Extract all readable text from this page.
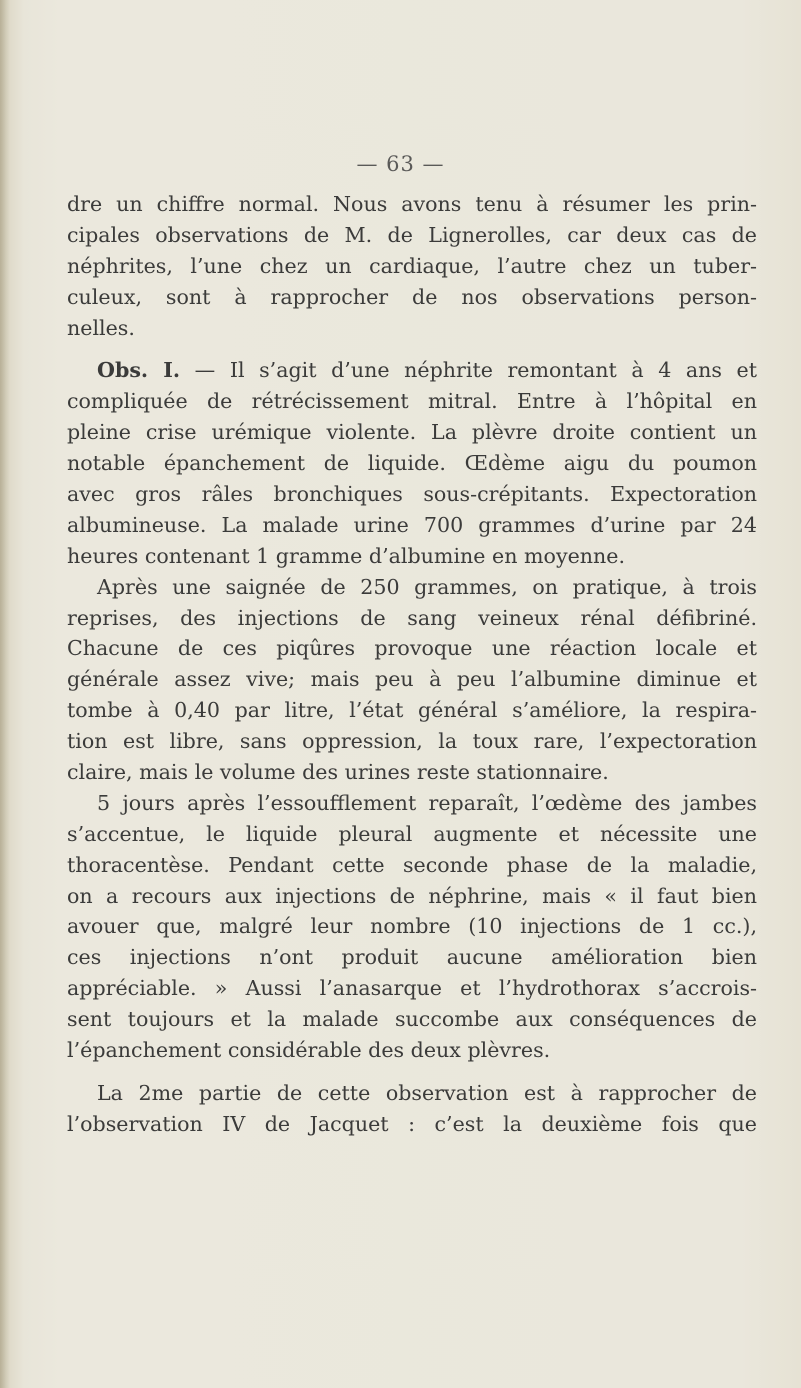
— 63 —
dre un chiffre normal. Nous avons tenu à résumer les prin-
cipales observations de M. de Lignerolles, car deux cas de
néphrites, l’une chez un cardiaque, l’autre chez un tuber-
culeux, sont à rapprocher de nos observations person-
nelles.
Obs. I. — Il s’agit d’une néphrite remontant à 4 ans et
compliquée de rétrécissement mitral. Entre à l’hôpital en
pleine crise urémique violente. La plèvre droite contient un
notable épanchement de liquide. Œdème aigu du poumon
avec gros râles bronchiques sous-crépitants. Expectoration
albumineuse. La malade urine 700 grammes d’urine par 24
heures contenant 1 gramme d’albumine en moyenne.
Après une saignée de 250 grammes, on pratique, à trois
reprises, des injections de sang veineux rénal défibriné.
Chacune de ces piqûres provoque une réaction locale et
générale assez vive; mais peu à peu l’albumine diminue et
tombe à 0,40 par litre, l’état général s’améliore, la respira-
tion est libre, sans oppression, la toux rare, l’expectoration
claire, mais le volume des urines reste stationnaire.
5 jours après l’essoufflement reparaît, l’œdème des jambes
s’accentue, le liquide pleural augmente et nécessite une
thoracentèse. Pendant cette seconde phase de la maladie,
on a recours aux injections de néphrine, mais « il faut bien
avouer que, malgré leur nombre (10 injections de 1 cc.),
ces injections n’ont produit aucune amélioration bien
appréciable. » Aussi l’anasarque et l’hydrothorax s’accrois-
sent toujours et la malade succombe aux conséquences de
l’épanchement considérable des deux plèvres.
La 2me partie de cette observation est à rapprocher de
l’observation IV de Jacquet : c’est la deuxième fois que
